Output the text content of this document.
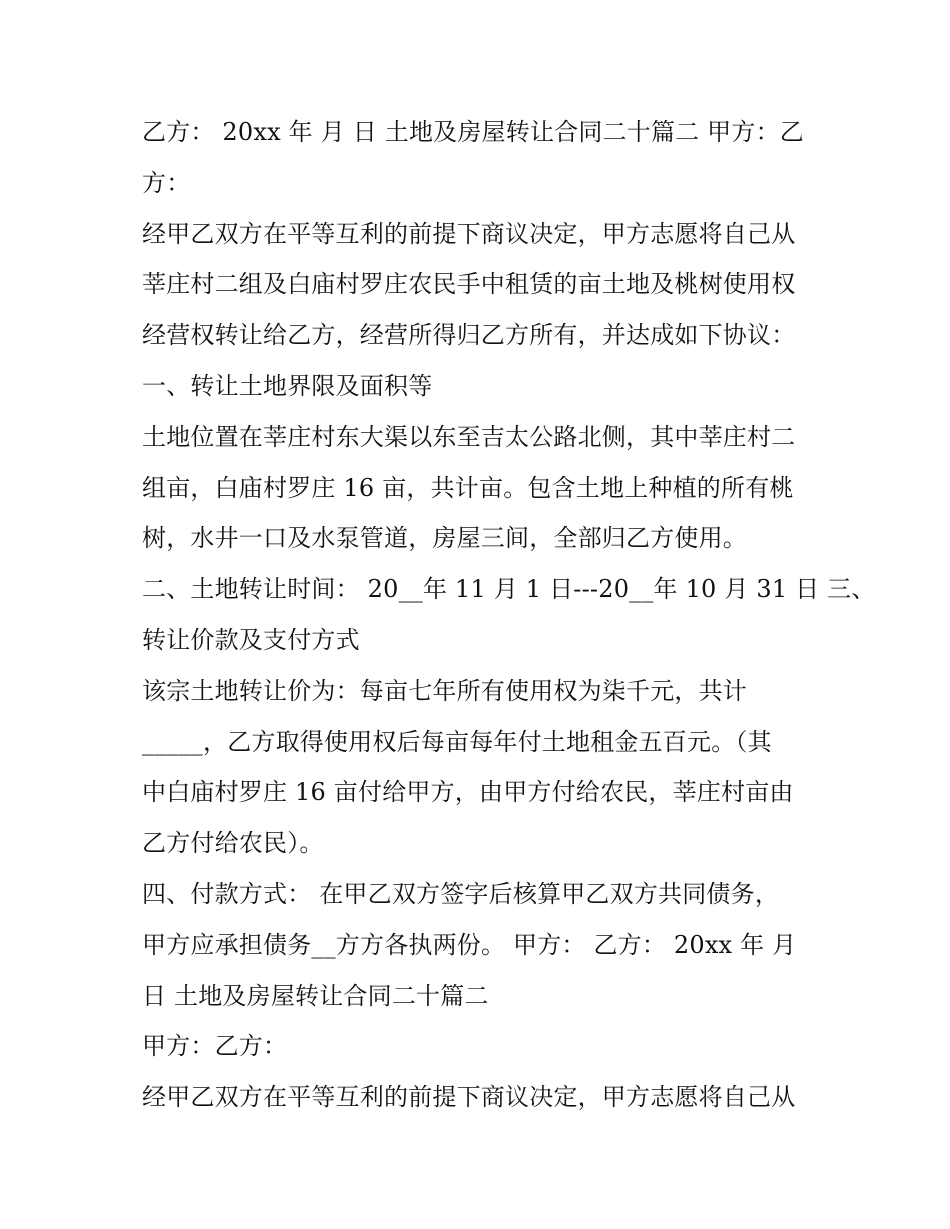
乙方： 20xx 年 月 日 土地及房屋转让合同二十篇二 甲方：乙
方：
经甲乙双方在平等互利的前提下商议决定，甲方志愿将自己从
莘庄村二组及白庙村罗庄农民手中租赁的亩土地及桃树使用权
经营权转让给乙方，经营所得归乙方所有，并达成如下协议：
一、转让土地界限及面积等
土地位置在莘庄村东大渠以东至吉太公路北侧，其中莘庄村二
组亩，白庙村罗庄 16 亩，共计亩。包含土地上种植的所有桃
树，水井一口及水泵管道，房屋三间，全部归乙方使用。
二、土地转让时间： 20__年 11 月 1 日---20__年 10 月 31 日 三、
转让价款及支付方式
该宗土地转让价为：每亩七年所有使用权为柒千元，共计
_____，乙方取得使用权后每亩每年付土地租金五百元。（其
中白庙村罗庄 16 亩付给甲方，由甲方付给农民，莘庄村亩由
乙方付给农民）。
四、付款方式： 在甲乙双方签字后核算甲乙双方共同债务，
甲方应承担债务__方方各执两份。 甲方： 乙方： 20xx 年 月
日 土地及房屋转让合同二十篇二
甲方：乙方：
经甲乙双方在平等互利的前提下商议决定，甲方志愿将自己从
